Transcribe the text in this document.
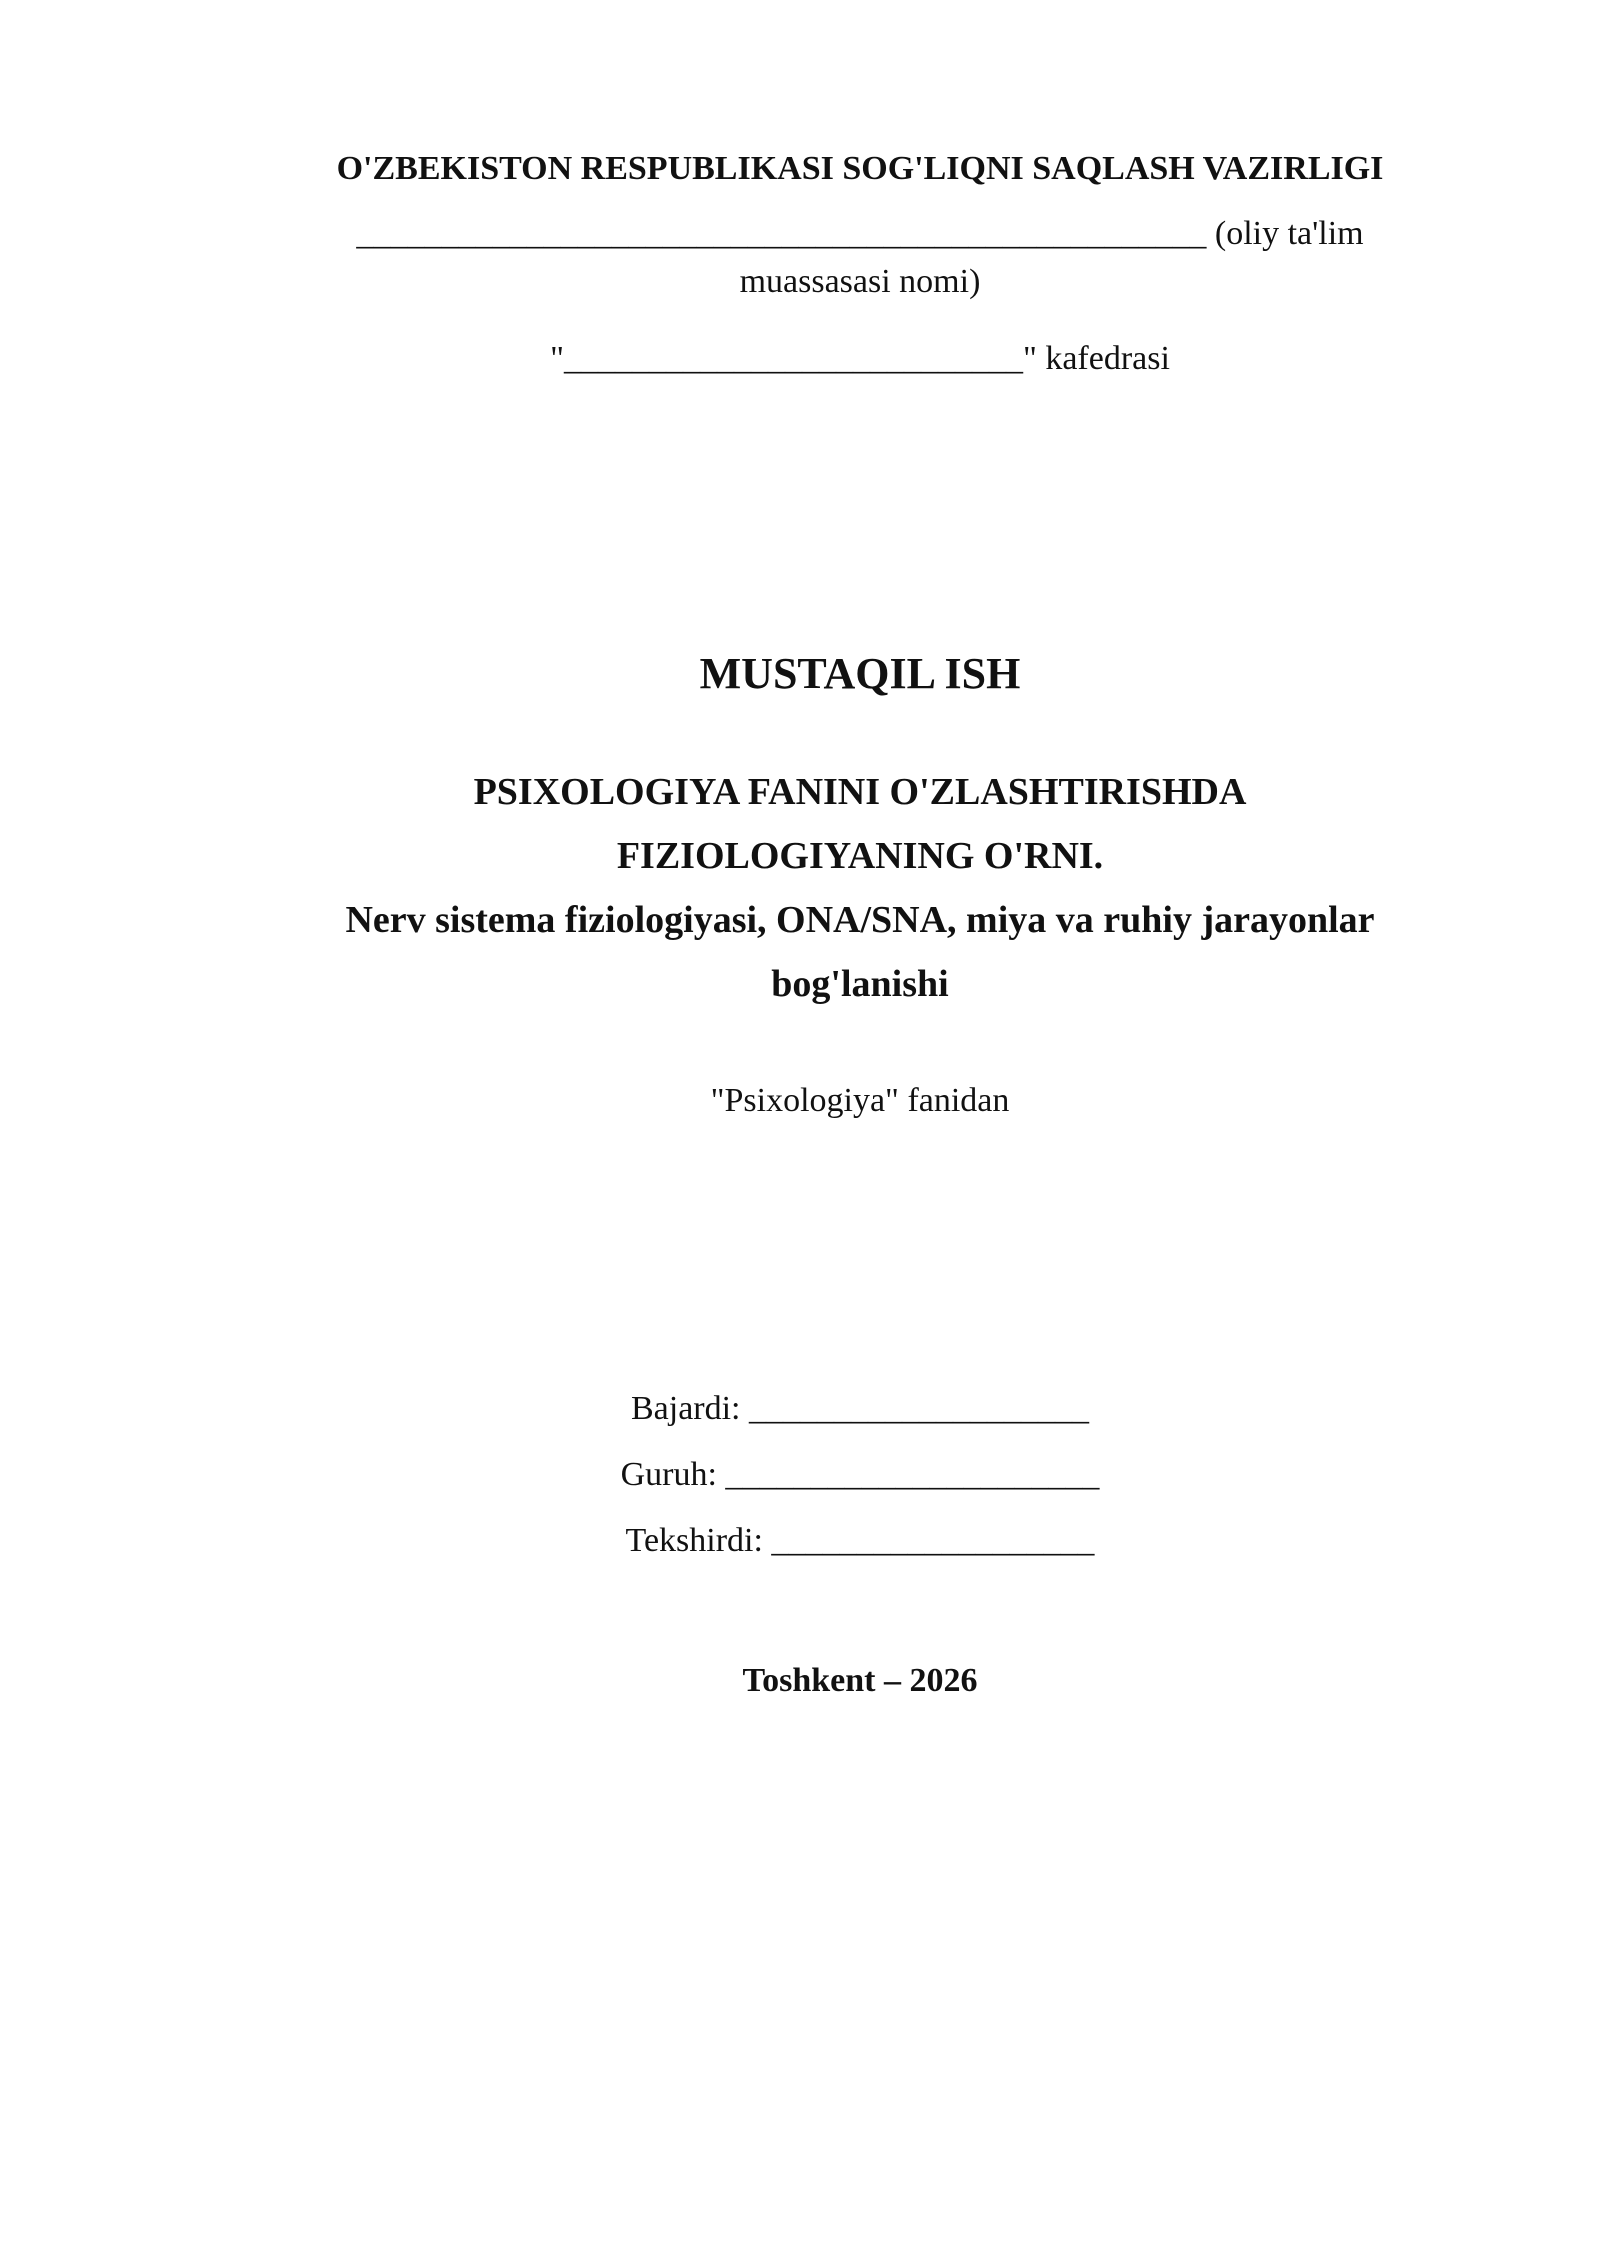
O'ZBEKISTON RESPUBLIKASI SOG'LIQNI SAQLASH VAZIRLIGI
__________________________________________________ (oliy ta'lim
muassasasi nomi)
"___________________________" kafedrasi
MUSTAQIL ISH
PSIXOLOGIYA FANINI O'ZLASHTIRISHDA
FIZIOLOGIYANING O'RNI.
Nerv sistema fiziologiyasi, ONA/SNA, miya va ruhiy jarayonlar
bog'lanishi
"Psixologiya" fanidan
Bajardi: ____________________
Guruh: ______________________
Tekshirdi: ___________________
Toshkent – 2026
